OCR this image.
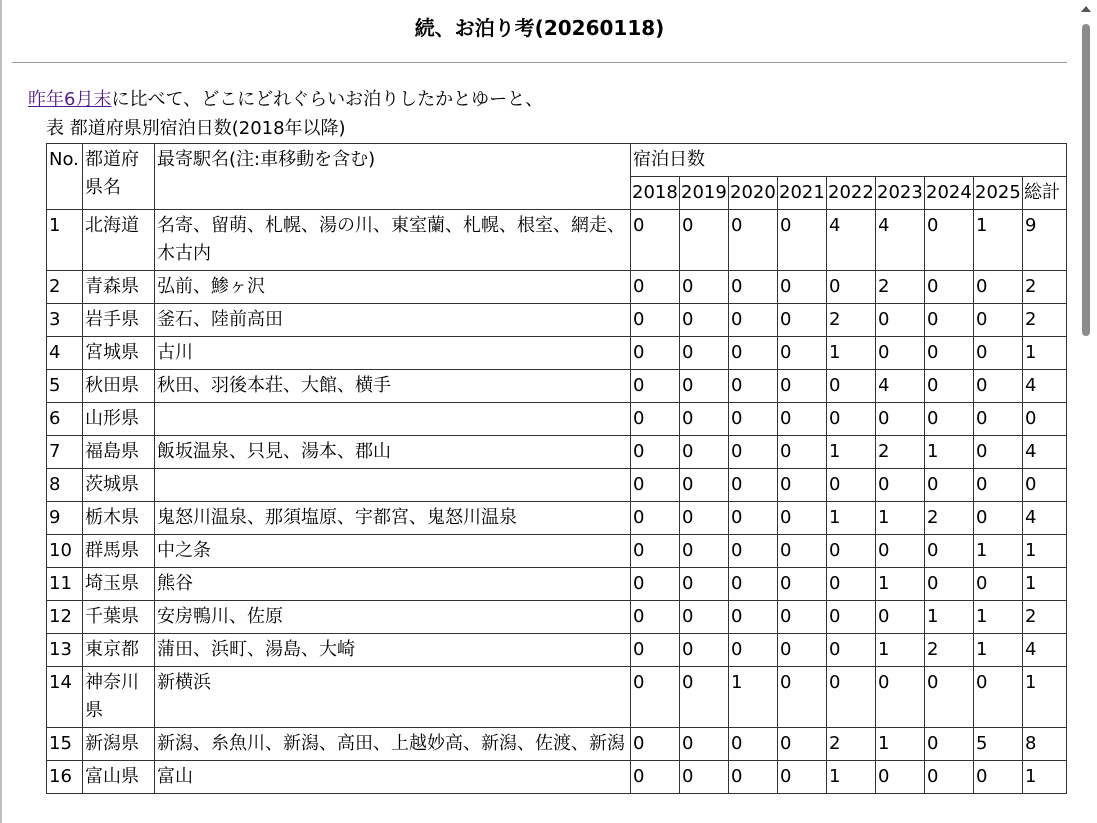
続、お泊り考(20260118)
昨年6月末に比べて、どこにどれぐらいお泊りしたかとゆーと、
表 都道府県別宿泊日数(2018年以降)
No.	都道府県名	最寄駅名(注:車移動を含む)	宿泊日数								
			2018	2019	2020	2021	2022	2023	2024	2025	総計
1	北海道	名寄、留萌、札幌、湯の川、東室蘭、札幌、根室、網走、木古内	0	0	0	0	4	4	0	1	9
2	青森県	弘前、鯵ヶ沢	0	0	0	0	0	2	0	0	2
3	岩手県	釜石、陸前高田	0	0	0	0	2	0	0	0	2
4	宮城県	古川	0	0	0	0	1	0	0	0	1
5	秋田県	秋田、羽後本荘、大館、横手	0	0	0	0	0	4	0	0	4
6	山形県		0	0	0	0	0	0	0	0	0
7	福島県	飯坂温泉、只見、湯本、郡山	0	0	0	0	1	2	1	0	4
8	茨城県		0	0	0	0	0	0	0	0	0
9	栃木県	鬼怒川温泉、那須塩原、宇都宮、鬼怒川温泉	0	0	0	0	1	1	2	0	4
10	群馬県	中之条	0	0	0	0	0	0	0	1	1
11	埼玉県	熊谷	0	0	0	0	0	1	0	0	1
12	千葉県	安房鴨川、佐原	0	0	0	0	0	0	1	1	2
13	東京都	蒲田、浜町、湯島、大崎	0	0	0	0	0	1	2	1	4
14	神奈川県	新横浜	0	0	1	0	0	0	0	0	1
15	新潟県	新潟、糸魚川、新潟、高田、上越妙高、新潟、佐渡、新潟	0	0	0	0	2	1	0	5	8
16	富山県	富山	0	0	0	0	1	0	0	0	1
